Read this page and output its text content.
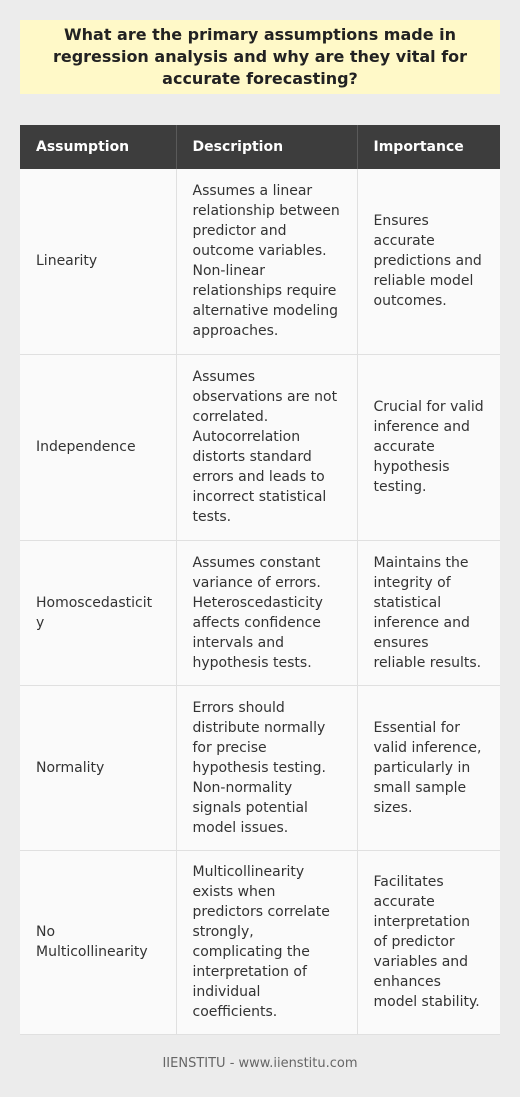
What are the primary assumptions made in regression analysis and why are they vital for accurate forecasting?
Assumption	Description	Importance
Linearity	Assumes a linear relationship between predictor and outcome variables. Non-linear relationships require alternative modeling approaches.	Ensures accurate predictions and reliable model outcomes.
Independence	Assumes observations are not correlated. Autocorrelation distorts standard errors and leads to incorrect statistical tests.	Crucial for valid inference and accurate hypothesis testing.
Homoscedasticity	Assumes constant variance of errors. Heteroscedasticity affects confidence intervals and hypothesis tests.	Maintains the integrity of statistical inference and ensures reliable results.
Normality	Errors should distribute normally for precise hypothesis testing. Non-normality signals potential model issues.	Essential for valid inference, particularly in small sample sizes.
No Multicollinearity	Multicollinearity exists when predictors correlate strongly, complicating the interpretation of individual coefficients.	Facilitates accurate interpretation of predictor variables and enhances model stability.
IIENSTITU - www.iienstitu.com
